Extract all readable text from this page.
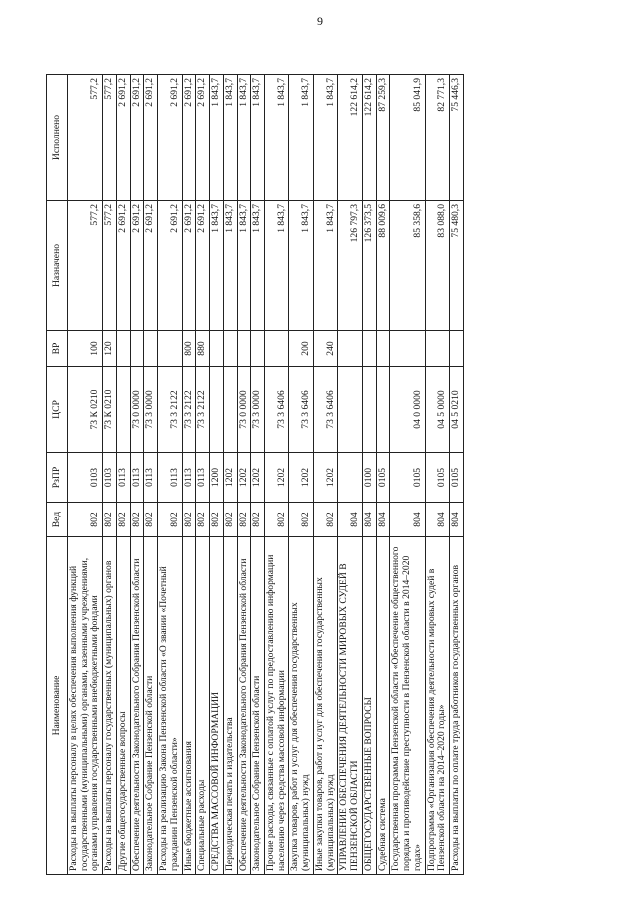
9
Наименование	Вед	РзПР	ЦСР	ВР	Назначено	Исполнено
Расходы на выплаты персоналу в целях обеспечения выполнения функций государственными (муниципальными) органами, казенными учреждениями, органами управления государственными внебюджетными фондами	802	0103	73 К 0210	100	577,2	577,2
Расходы на выплаты персоналу государственных (муниципальных) органов	802	0103	73 К 0210	120	577,2	577,2
Другие общегосударственные вопросы	802	0113			2 691,2	2 691,2
Обеспечение деятельности Законодательного Собрания Пензенской области	802	0113	73 0 0000		2 691,2	2 691,2
Законодательное Собрание Пензенской области	802	0113	73 3 0000		2 691,2	2 691,2
Расходы на реализацию Закона Пензенской области «О звании «Почетный гражданин Пензенской области»	802	0113	73 3 2122		2 691,2	2 691,2
Иные бюджетные ассигнования	802	0113	73 3 2122	800	2 691,2	2 691,2
Специальные расходы	802	0113	73 3 2122	880	2 691,2	2 691,2
СРЕДСТВА МАССОВОЙ ИНФОРМАЦИИ	802	1200			1 843,7	1 843,7
Периодическая печать и издательства	802	1202			1 843,7	1 843,7
Обеспечение деятельности Законодательного Собрания Пензенской области	802	1202	73 0 0000		1 843,7	1 843,7
Законодательное Собрание Пензенской области	802	1202	73 3 0000		1 843,7	1 843,7
Прочие расходы, связанные с оплатой услуг по предоставлению информации населению через средства массовой информации	802	1202	73 3 6406		1 843,7	1 843,7
Закупка товаров, работ и услуг для обеспечения государственных (муниципальных) нужд	802	1202	73 3 6406	200	1 843,7	1 843,7
Иные закупки товаров, работ и услуг для обеспечения государственных (муниципальных) нужд	802	1202	73 3 6406	240	1 843,7	1 843,7
УПРАВЛЕНИЕ ОБЕСПЕЧЕНИЯ ДЕЯТЕЛЬНОСТИ МИРОВЫХ СУДЕЙ В ПЕНЗЕНСКОЙ ОБЛАСТИ	804				126 797,3	122 614,2
ОБЩЕГОСУДАРСТВЕННЫЕ ВОПРОСЫ	804	0100			126 373,5	122 614,2
Судебная система	804	0105			88 009,6	87 259,3
Государственная программа Пензенской области «Обеспечение общественного порядка и противодействие преступности в Пензенской области в 2014–2020 годах»	804	0105	04 0 0000		85 358,6	85 041,9
Подпрограмма «Организация обеспечения деятельности мировых судей в Пензенской области на 2014–2020 годы»	804	0105	04 5 0000		83 088,0	82 771,3
Расходы на выплаты по оплате труда работников государственных органов	804	0105	04 5 0210		75 480,3	75 446,3
